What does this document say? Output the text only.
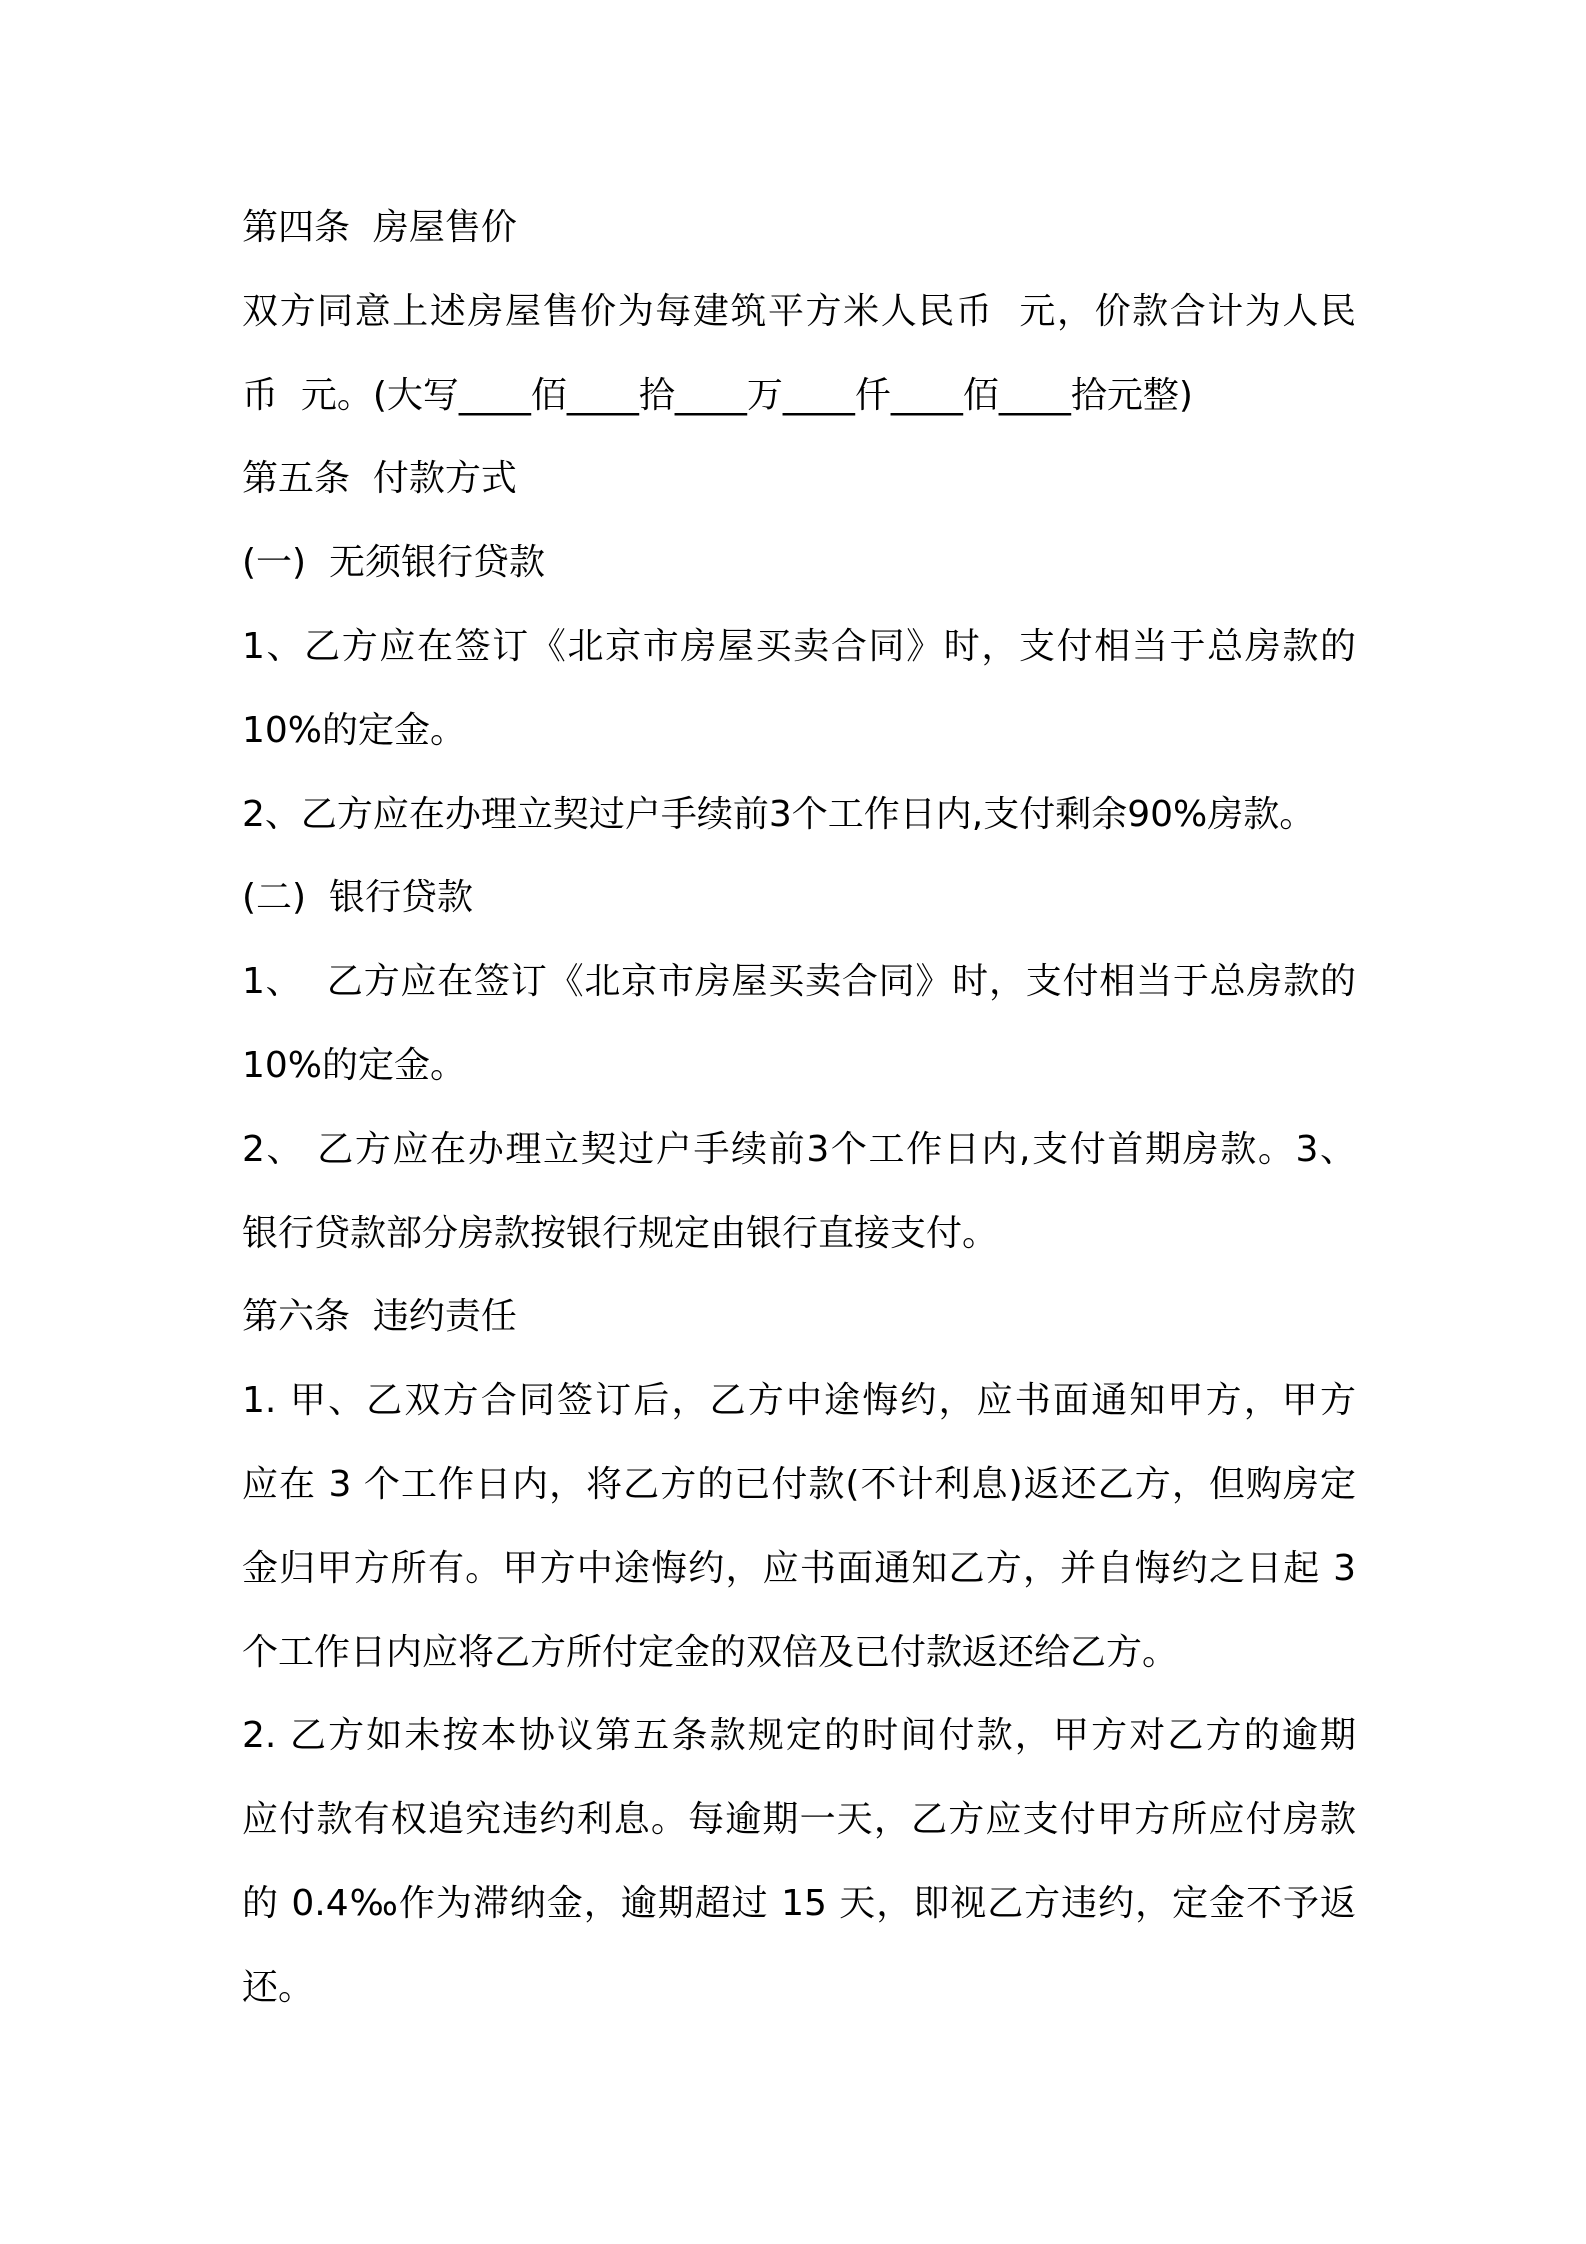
第四条  房屋售价
双方同意上述房屋售价为每建筑平方米人民币  元，价款合计为人民
币  元。(大写____佰____拾____万____仟____佰____拾元整)
第五条  付款方式
(一)  无须银行贷款
1、乙方应在签订《北京市房屋买卖合同》时，支付相当于总房款的
10%的定金。
2、乙方应在办理立契过户手续前3个工作日内,支付剩余90%房款。
(二)  银行贷款
1、  乙方应在签订《北京市房屋买卖合同》时，支付相当于总房款的
10%的定金。
2、 乙方应在办理立契过户手续前3个工作日内,支付首期房款。3、
银行贷款部分房款按银行规定由银行直接支付。
第六条  违约责任
1. 甲、乙双方合同签订后，乙方中途悔约，应书面通知甲方，甲方
应在 3 个工作日内，将乙方的已付款(不计利息)返还乙方，但购房定
金归甲方所有。甲方中途悔约，应书面通知乙方，并自悔约之日起 3
个工作日内应将乙方所付定金的双倍及已付款返还给乙方。
2. 乙方如未按本协议第五条款规定的时间付款，甲方对乙方的逾期
应付款有权追究违约利息。每逾期一天，乙方应支付甲方所应付房款
的 0.4‰作为滞纳金，逾期超过 15 天，即视乙方违约，定金不予返
还。
